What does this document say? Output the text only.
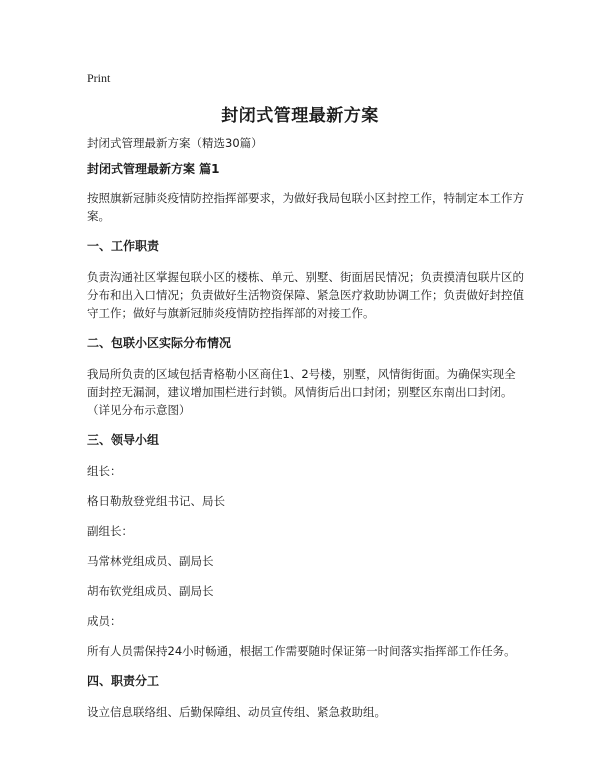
Print
封闭式管理最新方案

封闭式管理最新方案（精选30篇）

封闭式管理最新方案 篇1

按照旗新冠肺炎疫情防控指挥部要求，为做好我局包联小区封控工作，特制定本工作方案。

一、工作职责

负责沟通社区掌握包联小区的楼栋、单元、别墅、街面居民情况；负责摸清包联片区的分布和出入口情况；负责做好生活物资保障、紧急医疗救助协调工作；负责做好封控值守工作；做好与旗新冠肺炎疫情防控指挥部的对接工作。

二、包联小区实际分布情况

我局所负责的区域包括青格勒小区商住1、2号楼，别墅，风情街街面。为确保实现全面封控无漏洞，建议增加围栏进行封锁。风情街后出口封闭；别墅区东南出口封闭。（详见分布示意图）

三、领导小组

组长：

格日勒敖登党组书记、局长

副组长：

马常林党组成员、副局长

胡布钦党组成员、副局长

成员：

所有人员需保持24小时畅通，根据工作需要随时保证第一时间落实指挥部工作任务。

四、职责分工

设立信息联络组、后勤保障组、动员宣传组、紧急救助组。
